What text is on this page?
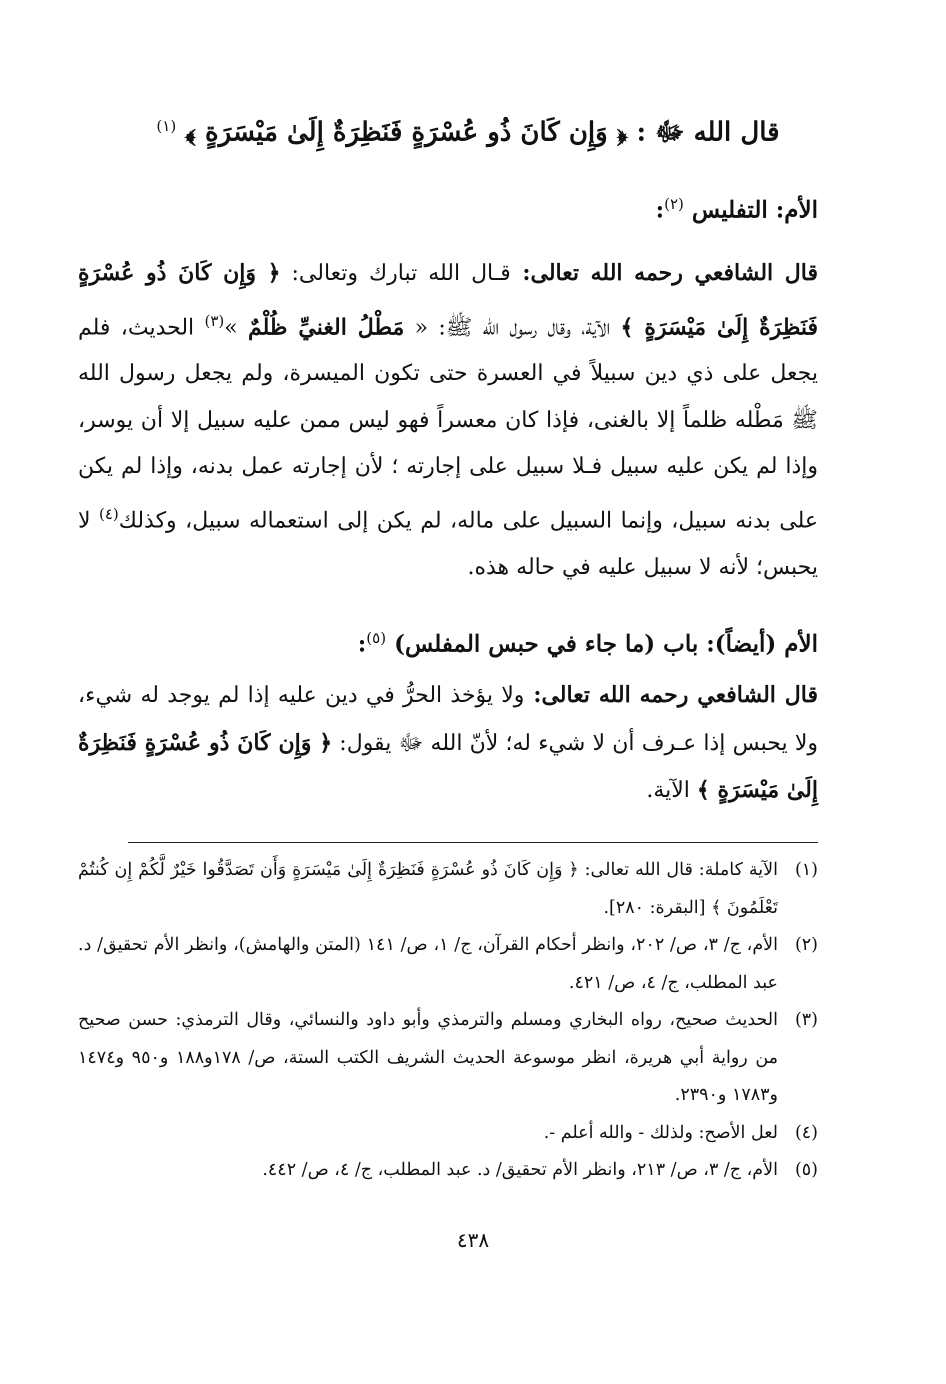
قال الله ﷻ : ﴿ وَإِن كَانَ ذُو عُسْرَةٍ فَنَظِرَةٌ إِلَىٰ مَيْسَرَةٍ ﴾ $^{(١)}$
الأم: التفليس $^{(٢)}$:
قال الشافعي رحمه الله تعالى: قـال الله تبارك وتعالى: ﴿ وَإِن كَانَ ذُو عُسْرَةٍ فَنَظِرَةٌ إِلَىٰ مَيْسَرَةٍ ﴾ الآية، وقال رسول الله ﷺ: « مَطْلُ الغنيِّ ظُلْمٌ »$^{(٣)}$ الحديث، فلم يجعل على ذي دين سبيلاً في العسرة حتى تكون الميسرة، ولم يجعل رسول الله ﷺ مَطْله ظلماً إلا بالغنى، فإذا كان معسراً فهو ليس ممن عليه سبيل إلا أن يوسر، وإذا لم يكن عليه سبيل فـلا سبيل على إجارته ؛ لأن إجارته عمل بدنه، وإذا لم يكن على بدنه سبيل، وإنما السبيل على ماله، لم يكن إلى استعماله سبيل، وكذلك$^{(٤)}$ لا يحبس؛ لأنه لا سبيل عليه في حاله هذه.
الأم (أيضاً): باب (ما جاء في حبس المفلس) $^{(٥)}$:
قال الشافعي رحمه الله تعالى: ولا يؤخذ الحرُّ في دين عليه إذا لم يوجد له شيء، ولا يحبس إذا عـرف أن لا شيء له؛ لأنّ الله ﷻ يقول: ﴿ وَإِن كَانَ ذُو عُسْرَةٍ فَنَظِرَةٌ إِلَىٰ مَيْسَرَةٍ ﴾ الآية.
(١)
الآية كاملة: قال الله تعالى: ﴿ وَإِن كَانَ ذُو عُسْرَةٍ فَنَظِرَةٌ إِلَىٰ مَيْسَرَةٍ وَأَن تَصَدَّقُوا خَيْرٌ لَّكُمْ إِن كُنتُمْ تَعْلَمُونَ ﴾ [البقرة: ٢٨٠].
(٢)
الأم، ج/ ٣، ص/ ٢٠٢، وانظر أحكام القرآن، ج/ ١، ص/ ١٤١ (المتن والهامش)، وانظر الأم تحقيق/ د. عبد المطلب، ج/ ٤، ص/ ٤٢١.
(٣)
الحديث صحيح، رواه البخاري ومسلم والترمذي وأبو داود والنسائي، وقال الترمذي: حسن صحيح من رواية أبي هريرة، انظر موسوعة الحديث الشريف الكتب الستة، ص/ ١٧٨و١٨٨ و٩٥٠ و١٤٧٤ و١٧٨٣ و٢٣٩٠.
(٤)
لعل الأصح: ولذلك - والله أعلم -.
(٥)
الأم، ج/ ٣، ص/ ٢١٣، وانظر الأم تحقيق/ د. عبد المطلب، ج/ ٤، ص/ ٤٤٢.
٤٣٨
